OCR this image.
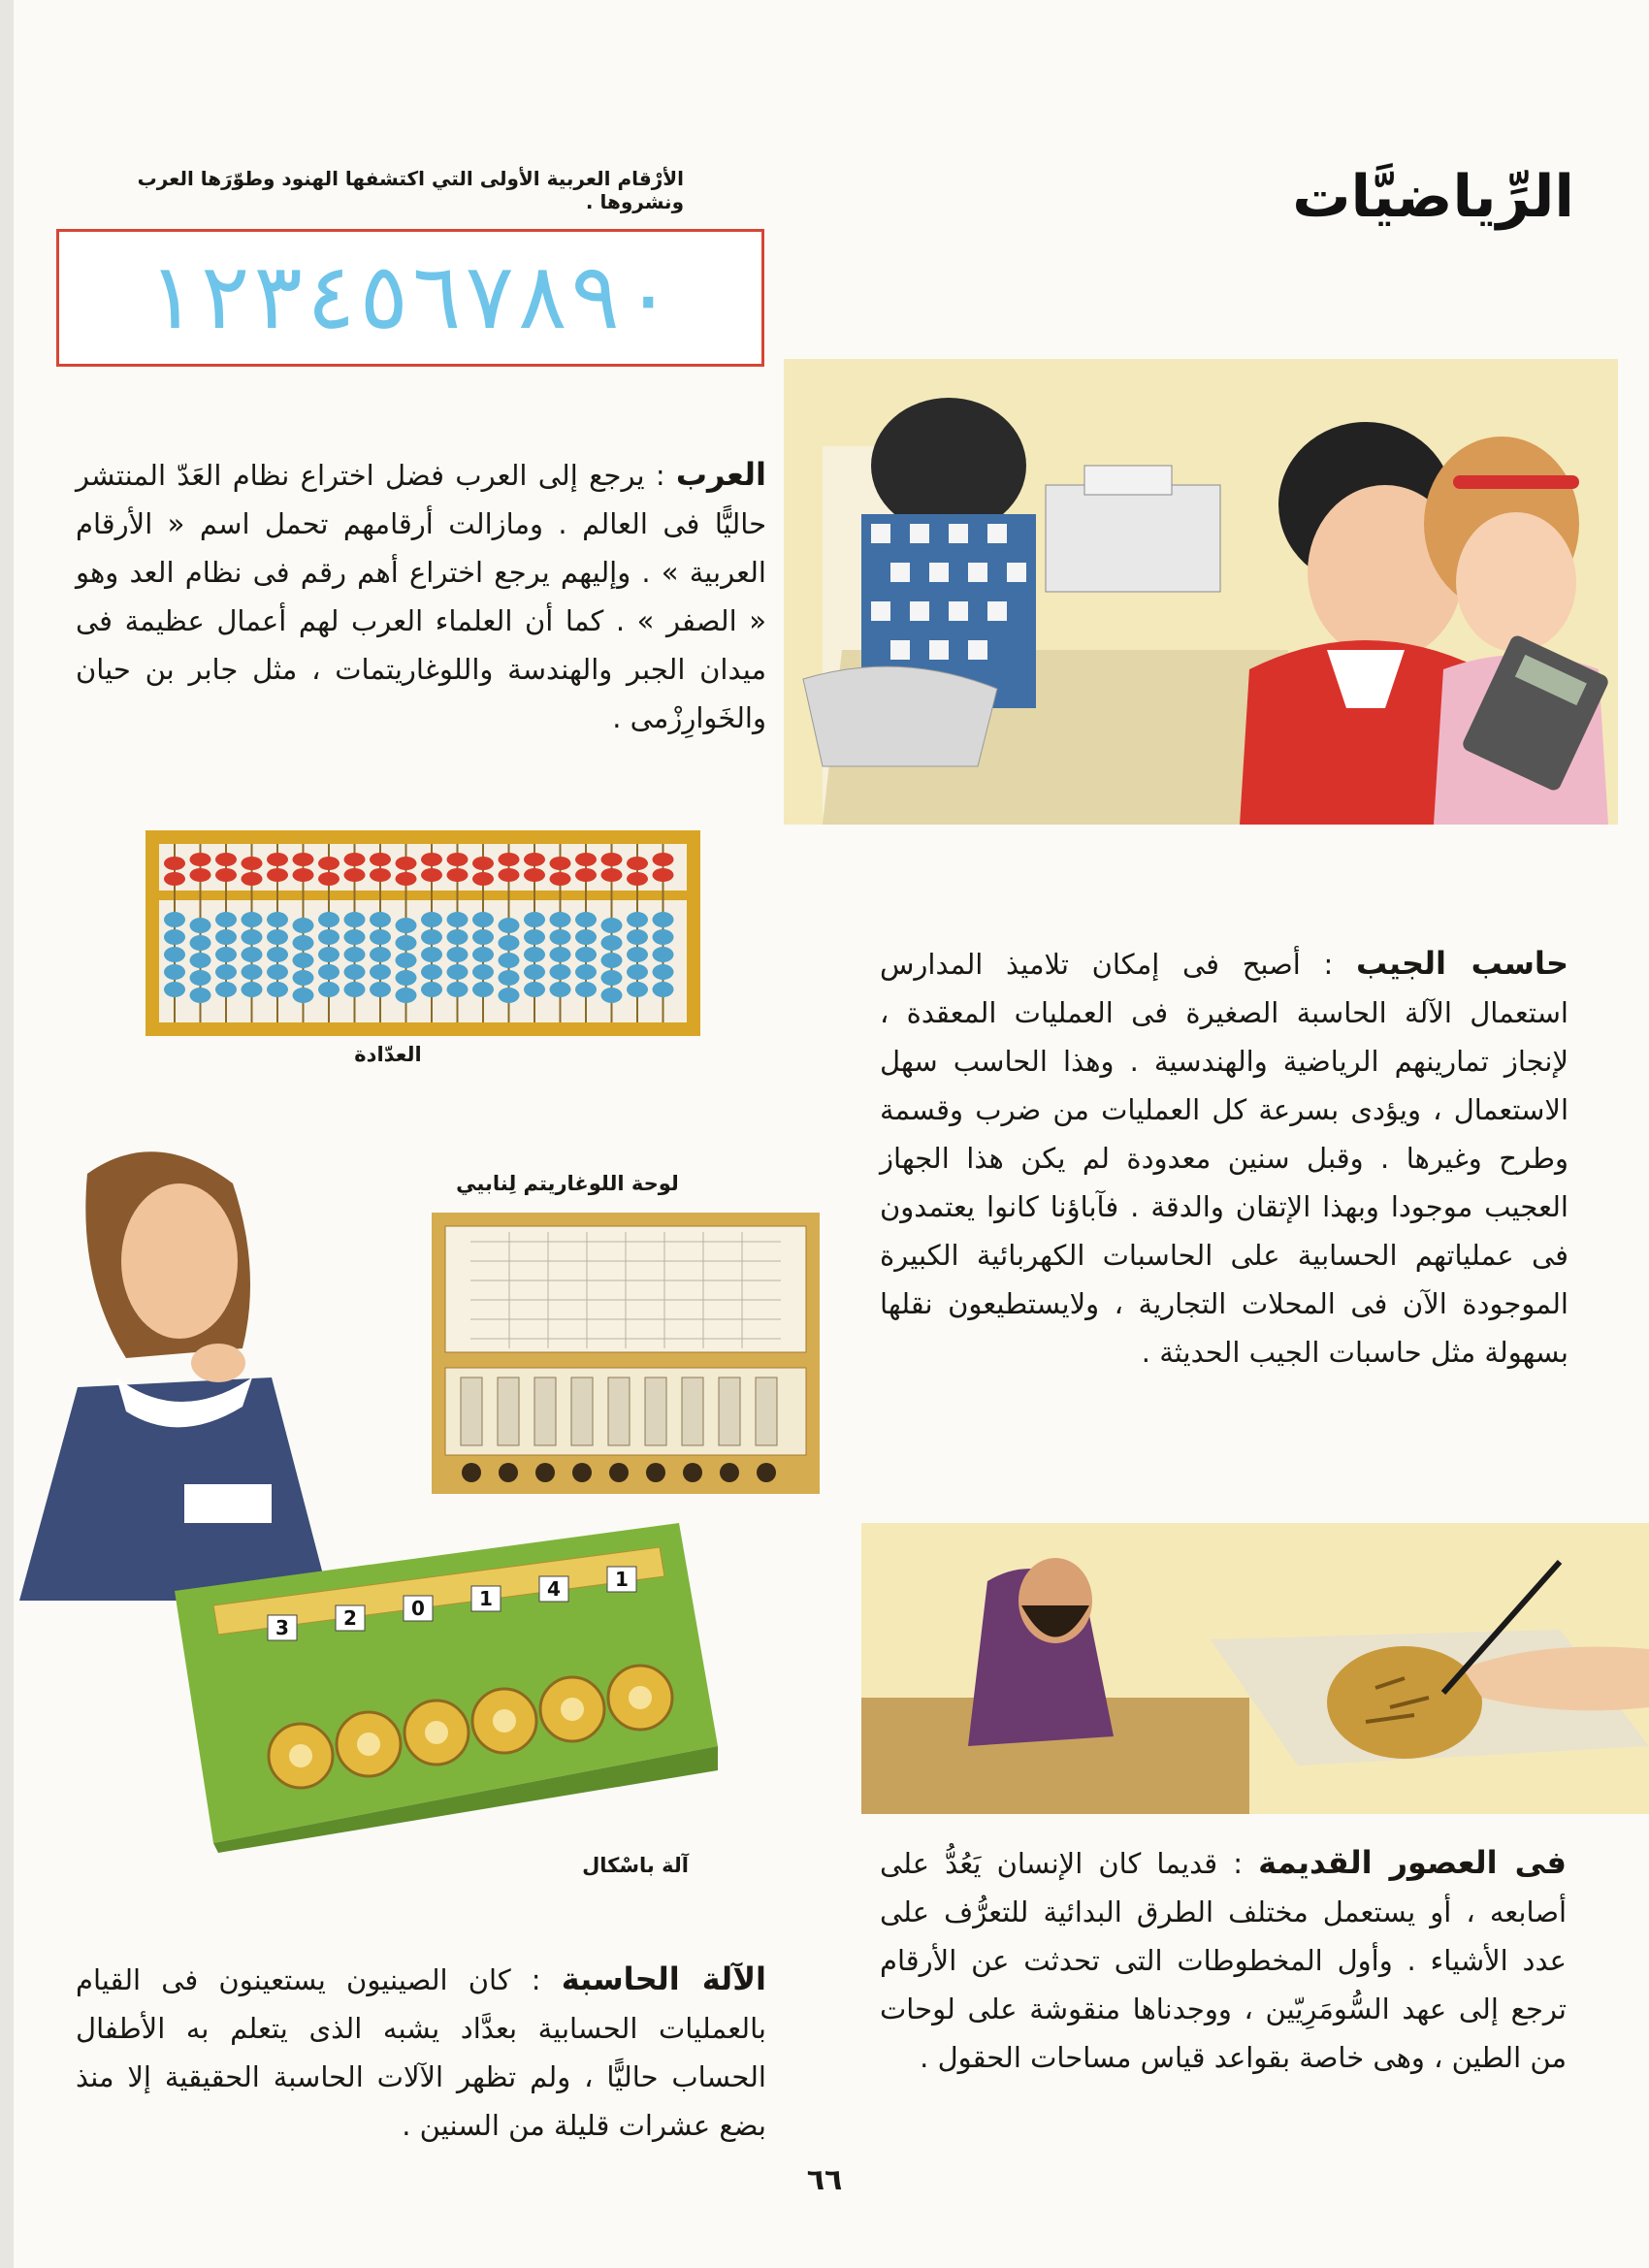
الرِّياضيَّات
الأرْقام العربية الأولى التي اكتشفها الهنود وطوّرَها العرب ونشروها .
١ ٢ ٣ ٤ ٥ ٦ ٧ ٨ ٩ ٠
العرب : يرجع إلى العرب فضل اختراع نظام العَدّ المنتشر حاليًّا فى العالم . ومازالت أرقامهم تحمل اسم « الأرقام العربية » . وإليهم يرجع اختراع أهم رقم فى نظام العد وهو « الصفر » . كما أن العلماء العرب لهم أعمال عظيمة فى ميدان الجبر والهندسة واللوغاريتمات ، مثل جابر بن حيان والخَوارِزْمى .
حاسب الجيب : أصبح فى إمكان تلاميذ المدارس استعمال الآلة الحاسبة الصغيرة فى العمليات المعقدة ، لإنجاز تمارينهم الرياضية والهندسية . وهذا الحاسب سهل الاستعمال ، ويؤدى بسرعة كل العمليات من ضرب وقسمة وطرح وغيرها . وقبل سنين معدودة لم يكن هذا الجهاز العجيب موجودا وبهذا الإتقان والدقة . فآباؤنا كانوا يعتمدون فى عملياتهم الحسابية على الحاسبات الكهربائية الكبيرة الموجودة الآن فى المحلات التجارية ، ولايستطيعون نقلها بسهولة مثل حاسبات الجيب الحديثة .
العدّادة
لوحة اللوغاريتم لِنابيي
3	2	0	1	4	1
آلة باسْكال	فى العصور القديمة : قديما كان الإنسان يَعُدُّ على أصابعه ، أو يستعمل مختلف الطرق البدائية للتعرُّف على عدد الأشياء . وأول المخطوطات التى تحدثت عن الأرقام ترجع إلى عهد السُّومَرِيّين ، ووجدناها منقوشة على لوحات من الطين ، وهى خاصة بقواعد قياس مساحات الحقول .
الآلة الحاسبة : كان الصينيون يستعينون فى القيام بالعمليات الحسابية بعدَّاد يشبه الذى يتعلم به الأطفال الحساب حاليًّا ، ولم تظهر الآلات الحاسبة الحقيقية إلا منذ بضع عشرات قليلة من السنين .
٦٦
